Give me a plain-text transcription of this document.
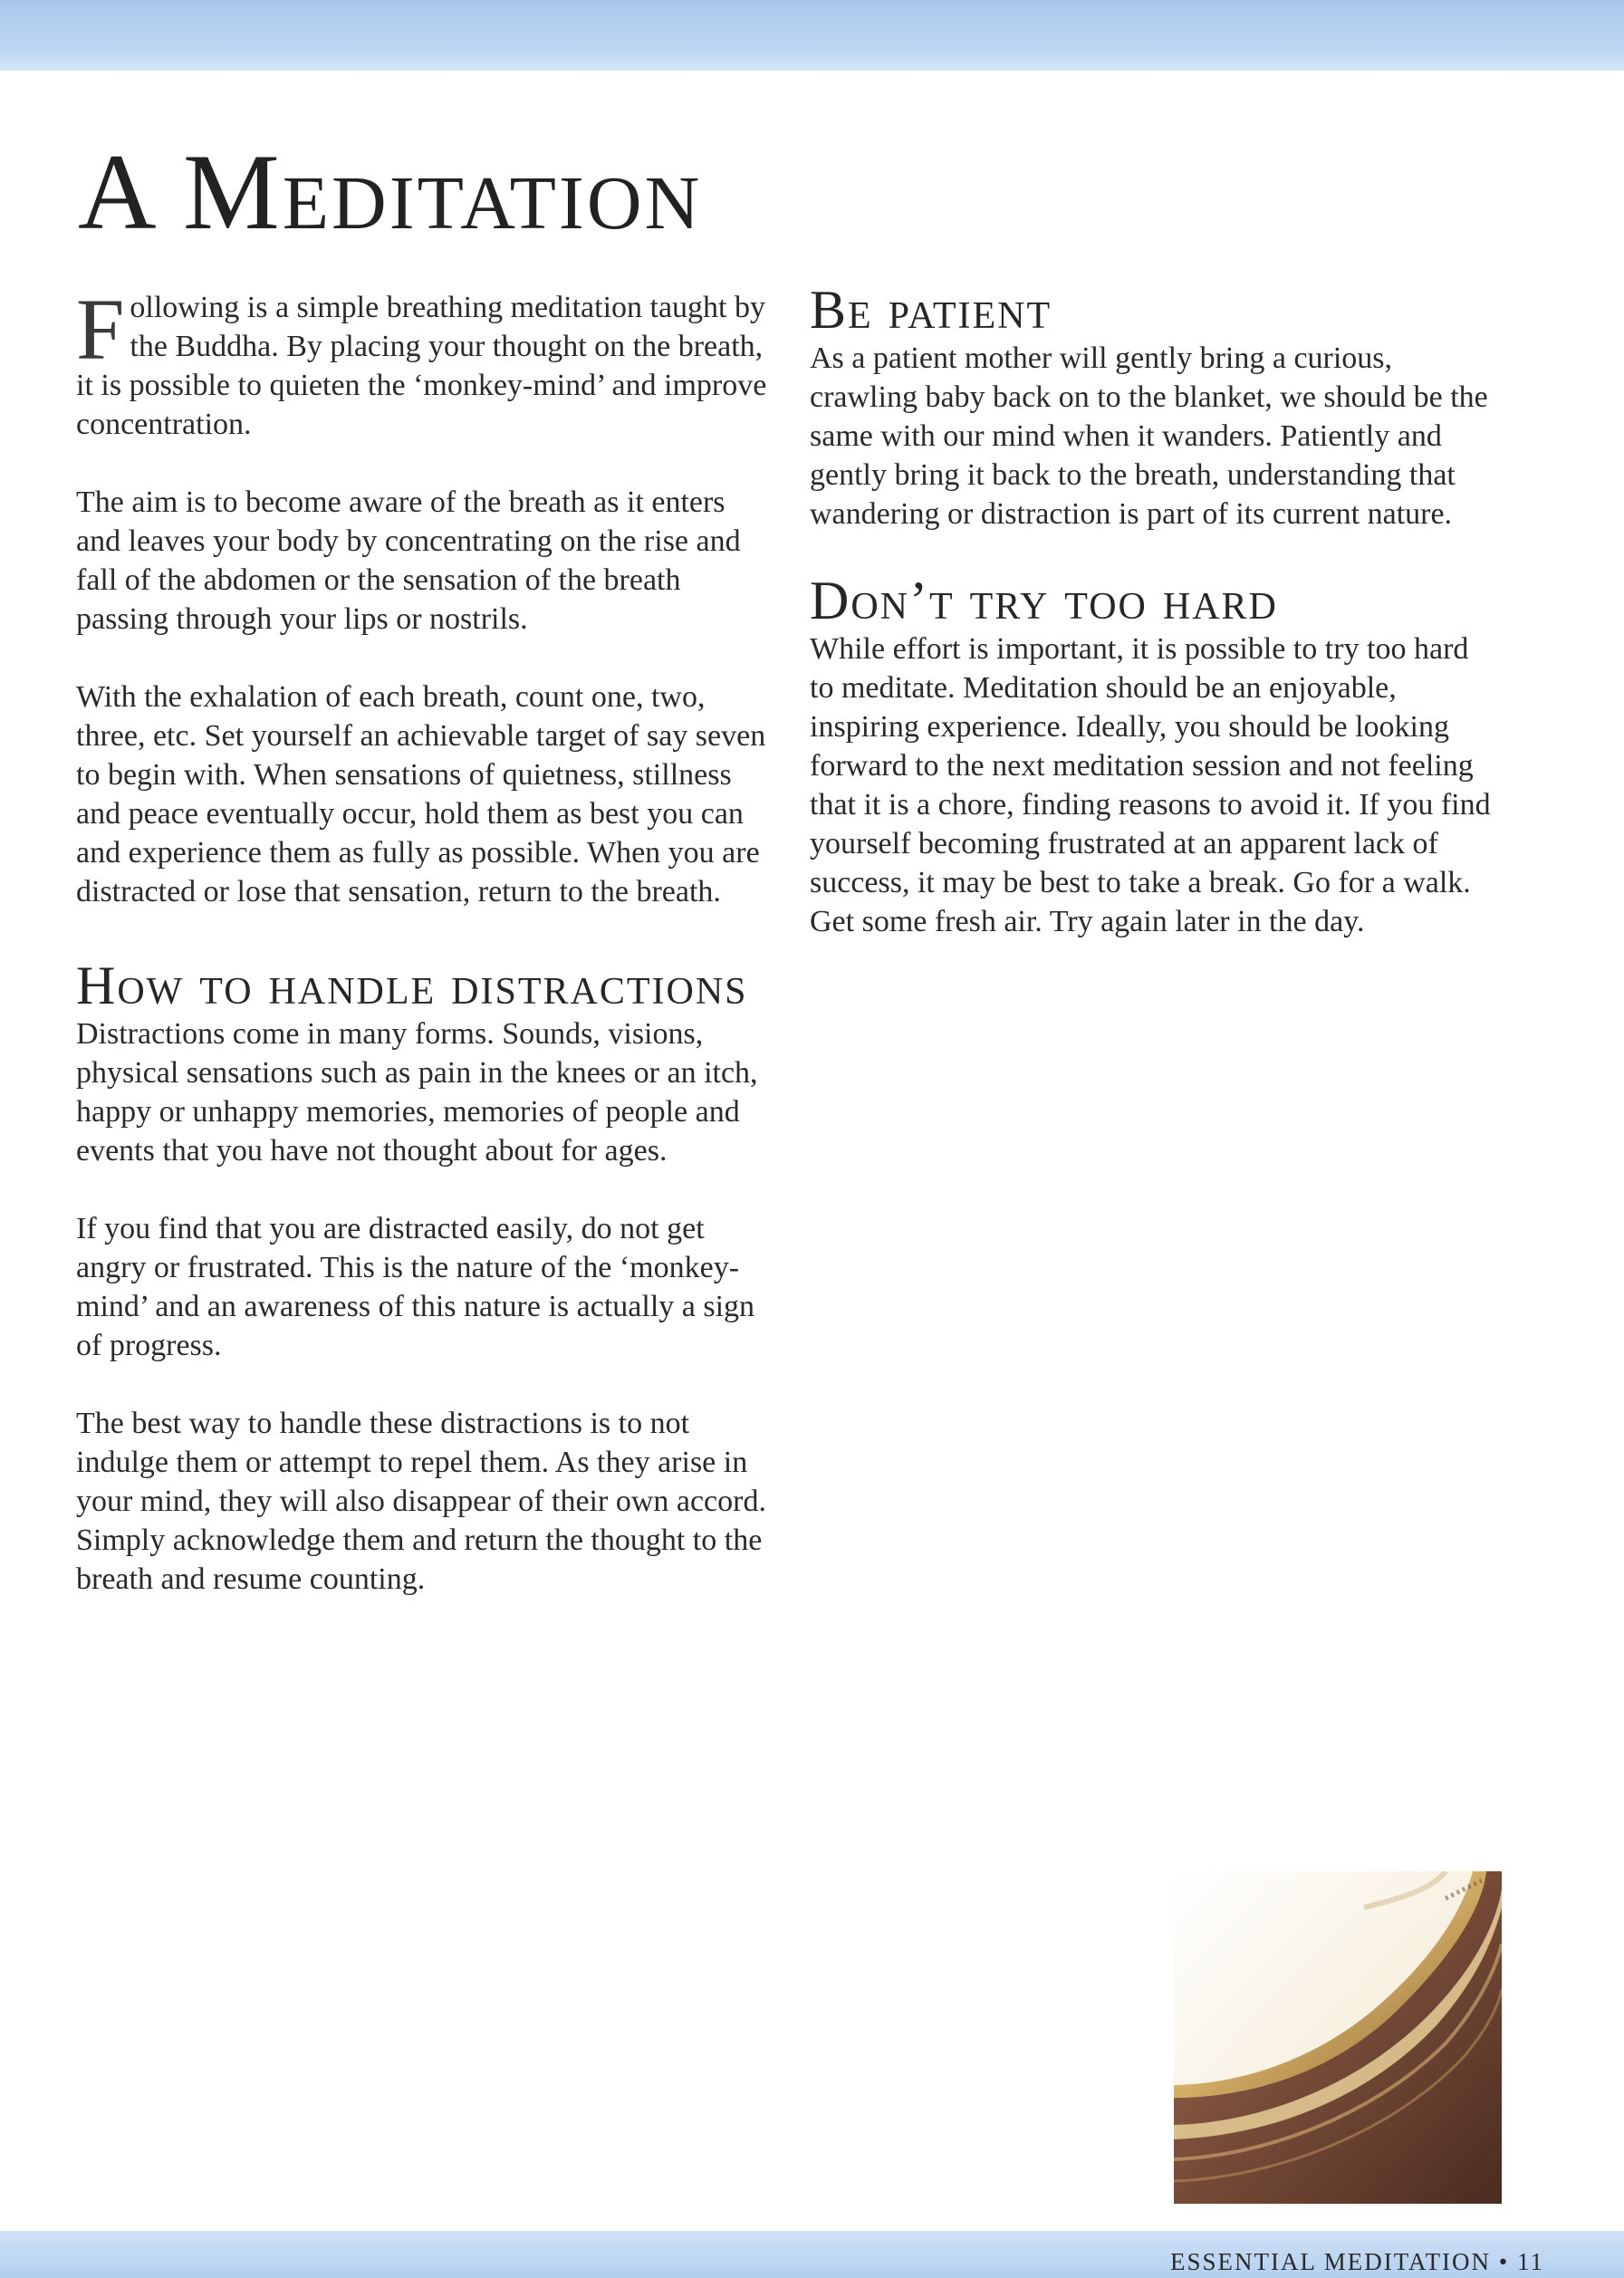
A Meditation

Following is a simple breathing meditation taught by the Buddha. By placing your thought on the breath, it is possible to quieten the ‘monkey-mind’ and improve concentration.

The aim is to become aware of the breath as it enters and leaves your body by concentrating on the rise and fall of the abdomen or the sensation of the breath passing through your lips or nostrils.

With the exhalation of each breath, count one, two, three, etc. Set yourself an achievable target of say seven to begin with. When sensations of quietness, stillness and peace eventually occur, hold them as best you can and experience them as fully as possible. When you are distracted or lose that sensation, return to the breath.

How to handle distractions

Distractions come in many forms. Sounds, visions, physical sensations such as pain in the knees or an itch, happy or unhappy memories, memories of people and events that you have not thought about for ages.

If you find that you are distracted easily, do not get angry or frustrated. This is the nature of the ‘monkey-mind’ and an awareness of this nature is actually a sign of progress.

The best way to handle these distractions is to not indulge them or attempt to repel them. As they arise in your mind, they will also disappear of their own accord. Simply acknowledge them and return the thought to the breath and resume counting.

Be patient

As a patient mother will gently bring a curious, crawling baby back on to the blanket, we should be the same with our mind when it wanders. Patiently and gently bring it back to the breath, understanding that wandering or distraction is part of its current nature.

Don’t try too hard

While effort is important, it is possible to try too hard to meditate. Meditation should be an enjoyable, inspiring experience. Ideally, you should be looking forward to the next meditation session and not feeling that it is a chore, finding reasons to avoid it. If you find yourself becoming frustrated at an apparent lack of success, it may be best to take a break. Go for a walk. Get some fresh air. Try again later in the day.

ESSENTIAL MEDITATION • 11
